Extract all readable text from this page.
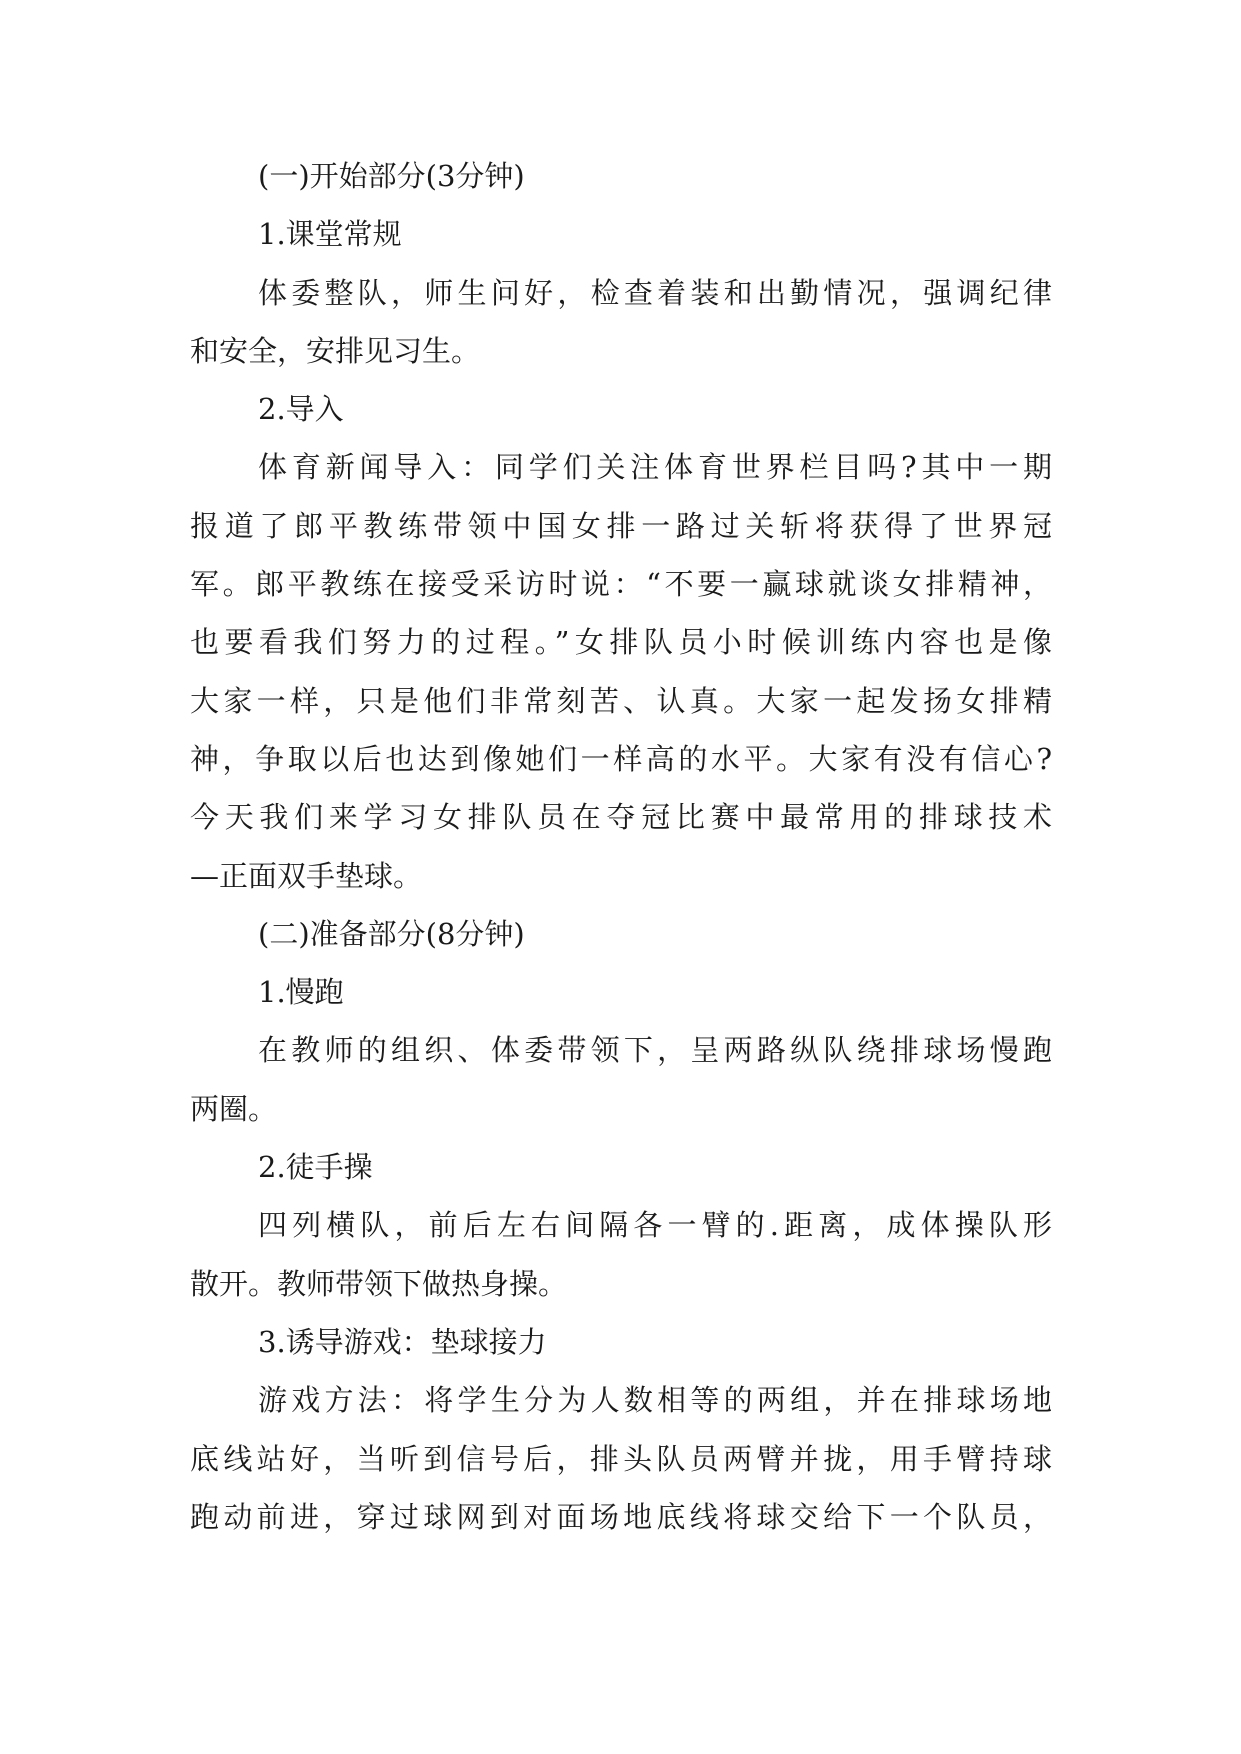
(一)开始部分(3分钟)
1.课堂常规
体委整队，师生问好，检查着装和出勤情况，强调纪律
和安全，安排见习生。
2.导入
体育新闻导入：同学们关注体育世界栏目吗?其中一期
报道了郎平教练带领中国女排一路过关斩将获得了世界冠
军。郎平教练在接受采访时说：“不要一赢球就谈女排精神，
也要看我们努力的过程。”女排队员小时候训练内容也是像
大家一样，只是他们非常刻苦、认真。大家一起发扬女排精
神，争取以后也达到像她们一样高的水平。大家有没有信心?
今天我们来学习女排队员在夺冠比赛中最常用的排球技术
—正面双手垫球。
(二)准备部分(8分钟)
1.慢跑
在教师的组织、体委带领下，呈两路纵队绕排球场慢跑
两圈。
2.徒手操
四列横队，前后左右间隔各一臂的.距离，成体操队形
散开。教师带领下做热身操。
3.诱导游戏：垫球接力
游戏方法：将学生分为人数相等的两组，并在排球场地
底线站好，当听到信号后，排头队员两臂并拢，用手臂持球
跑动前进，穿过球网到对面场地底线将球交给下一个队员，
